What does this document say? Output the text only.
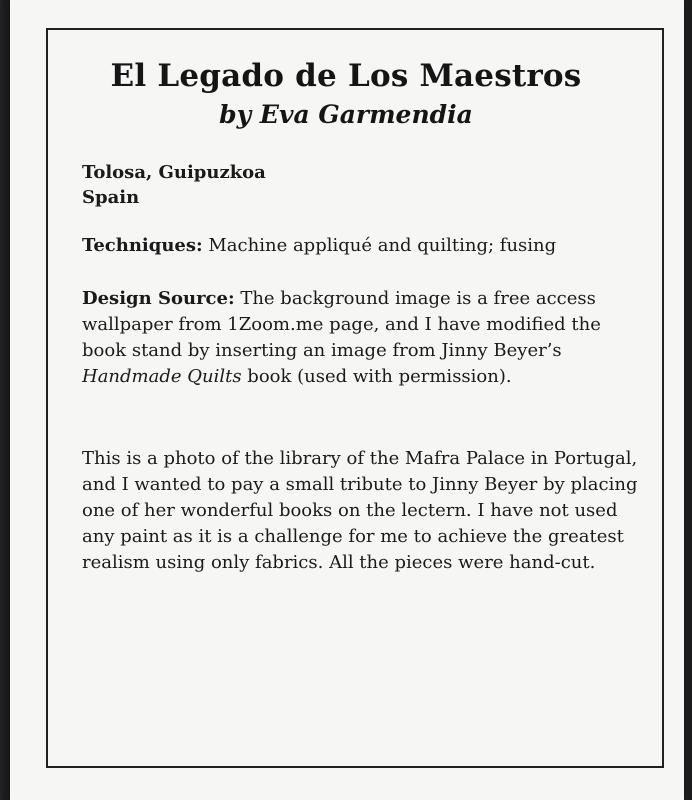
El Legado de Los Maestros
by Eva Garmendia
Tolosa, Guipuzkoa
Spain

Techniques: Machine appliqué and quilting; fusing

Design Source: The background image is a free access wallpaper from 1Zoom.me page, and I have modified the book stand by inserting an image from Jinny Beyer’s Handmade Quilts book (used with permission).

This is a photo of the library of the Mafra Palace in Portugal, and I wanted to pay a small tribute to Jinny Beyer by placing one of her wonderful books on the lectern. I have not used any paint as it is a challenge for me to achieve the greatest realism using only fabrics. All the pieces were hand-cut.
